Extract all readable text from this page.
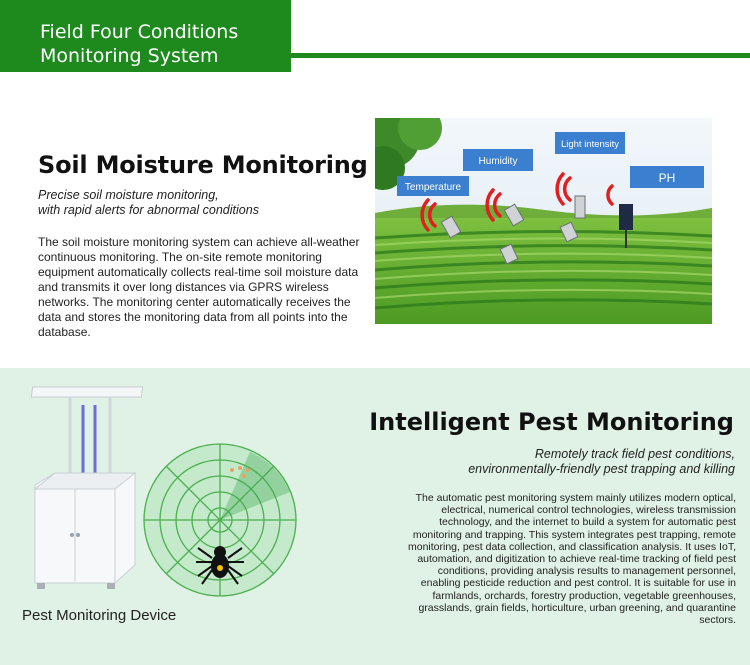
Field Four Conditions
Monitoring System
Soil Moisture Monitoring
Precise soil moisture monitoring,
with rapid alerts for abnormal conditions
The soil moisture monitoring system can achieve all-weather continuous monitoring. The on-site remote monitoring equipment automatically collects real-time soil moisture data and transmits it over long distances via GPRS wireless networks. The monitoring center automatically receives the data and stores the monitoring data from all points into the database.
Temperature
Humidity
Light intensity
PH
Intelligent Pest Monitoring
Remotely track field pest conditions,
environmentally-friendly pest trapping and killing
The automatic pest monitoring system mainly utilizes modern optical, electrical, numerical control technologies, wireless transmission technology, and the internet to build a system for automatic pest monitoring and trapping. This system integrates pest trapping, remote monitoring, pest data collection, and classification analysis. It uses IoT, automation, and digitization to achieve real-time tracking of field pest conditions, providing analysis results to management personnel, enabling pesticide reduction and pest control. It is suitable for use in farmlands, orchards, forestry production, vegetable greenhouses, grasslands, grain fields, horticulture, urban greening, and quarantine sectors.
Pest Monitoring Device
